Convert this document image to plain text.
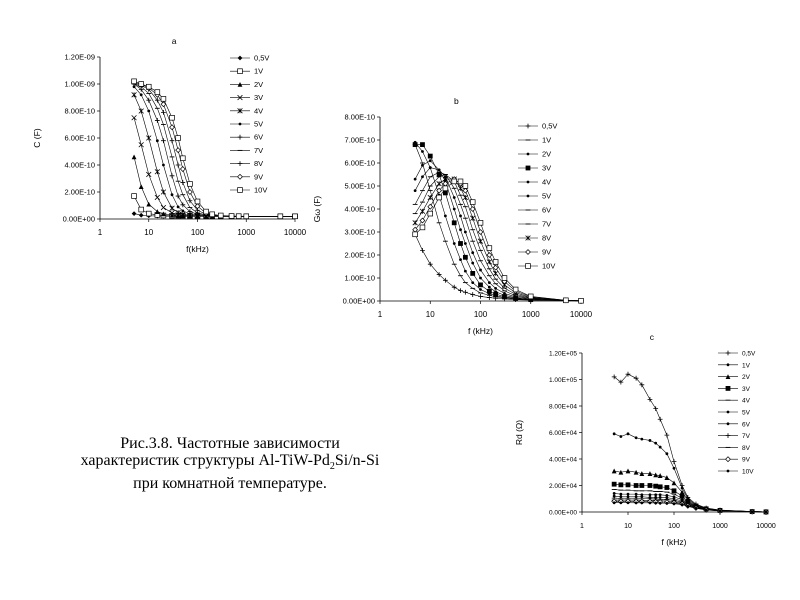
0.00E+00
2.00E-10
4.00E-10
6.00E-10
8.00E-10
1.00E-09
1.20E-09
1	10	100	1000	10000
a
f(kHz)
C (F)
0,5V
1V
2V
3V
4V
5V
6V
7V
8V
9V
10V
0.00E+00
1.00E-10
2.00E-10
3.00E-10
4.00E-10
5.00E-10
6.00E-10
7.00E-10
8.00E-10
1	10	100	1000	10000
b
f (kHz)
Gω (F)
0,5V
1V
2V
3V
4V
5V
6V
7V
8V
9V
10V
0.00E+00
2.00E+04
4.00E+04
6.00E+04
8.00E+04
1.00E+05
1.20E+05
1	10	100	1000	10000
c
f (kHz)
Rd (Ω)
0,5V
1V
2V
3V
4V
5V
6V
7V
8V
9V
10V
Рис.3.8. Частотные зависимости
характеристик структуры $Al-TiW-Pd_2Si/n-Si$
при комнатной температуре.
